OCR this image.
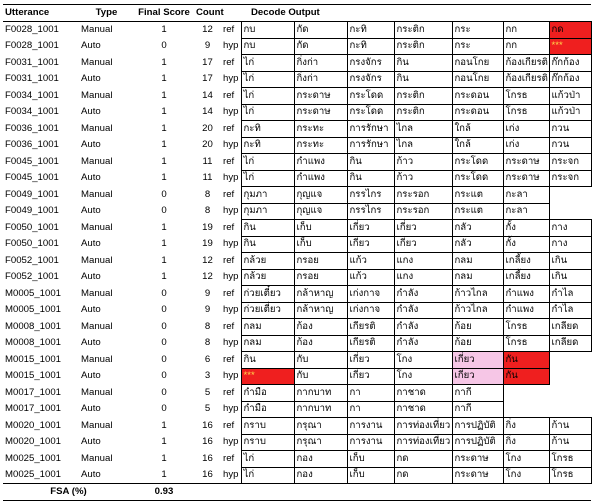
Utterance	Type	Final Score	Count	Decode Output							
F0028_1001	Manual	1	12	ref	กบ	กัด	กะทิ	กระติก	กระ	กก	กด
F0028_1001	Auto	0	9	hyp	กบ	กัด	กะทิ	กระติก	กระ	กก	***
F0031_1001	Manual	1	17	ref	ไก่	กิ่งก่า	กรงจักร	กิน	กอนโกย	ก้องเกียรติ	ก๊กก้อง
F0031_1001	Auto	1	17	hyp	ไก่	กิ่งก่า	กรงจักร	กิน	กอนโกย	ก้องเกียรติ	ก๊กก้อง
F0034_1001	Manual	1	14	ref	ไก่	กระดาษ	กระโดด	กระติก	กระดอน	โกรธ	แก้วป่า
F0034_1001	Auto	1	14	hyp	ไก่	กระดาษ	กระโดด	กระติก	กระดอน	โกรธ	แก้วป่า
F0036_1001	Manual	1	20	ref	กะทิ	กระทะ	การรักษา	ไกล	ใกล้	เก่ง	กวน
F0036_1001	Auto	1	20	hyp	กะทิ	กระทะ	การรักษา	ไกล	ใกล้	เก่ง	กวน
F0045_1001	Manual	1	11	ref	ไก่	กำแพง	กิน	ก้าว	กระโดด	กระดาษ	กระจก
F0045_1001	Auto	1	11	hyp	ไก่	กำแพง	กิน	ก้าว	กระโดด	กระดาษ	กระจก
F0049_1001	Manual	0	8	ref	กุมภา	กุญแจ	กรรไกร	กระรอก	กระแต	กะลา	
F0049_1001	Auto	0	8	hyp	กุมภา	กุญแจ	กรรไกร	กระรอก	กระแต	กะลา	
F0050_1001	Manual	1	19	ref	กิน	เก็บ	เกี่ยว	เกี่ยว	กลัว	กั้ง	กาง
F0050_1001	Auto	1	19	hyp	กิน	เก็บ	เกี่ยว	เกี่ยว	กลัว	กั้ง	กาง
F0052_1001	Manual	1	12	ref	กล้วย	กรอย	แก้ว	แกง	กลม	เกลี้ยง	เกิน
F0052_1001	Auto	1	12	hyp	กล้วย	กรอย	แก้ว	แกง	กลม	เกลี้ยง	เกิน
M0005_1001	Manual	0	9	ref	ก่วยเตี๋ยว	กล้าหาญ	เก่งกาจ	กำลัง	ก้าวไกล	กำแพง	กำไล
M0005_1001	Auto	0	9	hyp	ก่วยเตี๋ยว	กล้าหาญ	เก่งกาจ	กำลัง	ก้าวไกล	กำแพง	กำไล
M0008_1001	Manual	0	8	ref	กลม	ก้อง	เกียรติ	กำลัง	ก้อย	โกรธ	เกลียด
M0008_1001	Auto	0	8	hyp	กลม	ก้อง	เกียรติ	กำลัง	ก้อย	โกรธ	เกลียด
M0015_1001	Manual	0	6	ref	กิน	กับ	เกี่ยว	โกง	เกี่ยว	กัน	
M0015_1001	Auto	0	3	hyp	***	กับ	เกี่ยว	โกง	เกี่ยว	กัน	
M0017_1001	Manual	0	5	ref	กำมือ	กากบาท	กา	กาชาด	กากี		
M0017_1001	Auto	0	5	hyp	กำมือ	กากบาท	กา	กาชาด	กากี		
M0020_1001	Manual	1	16	ref	กราบ	กรุณา	การงาน	การท่องเที่ยว	การปฏิบัติ	กิ่ง	ก้าน
M0020_1001	Auto	1	16	hyp	กราบ	กรุณา	การงาน	การท่องเที่ยว	การปฏิบัติ	กิ่ง	ก้าน
M0025_1001	Manual	1	16	ref	ไก่	กอง	เก็บ	กด	กระดาษ	โกง	โกรธ
M0025_1001	Auto	1	16	hyp	ไก่	กอง	เก็บ	กด	กระดาษ	โกง	โกรธ
FSA (%)		0.93									
